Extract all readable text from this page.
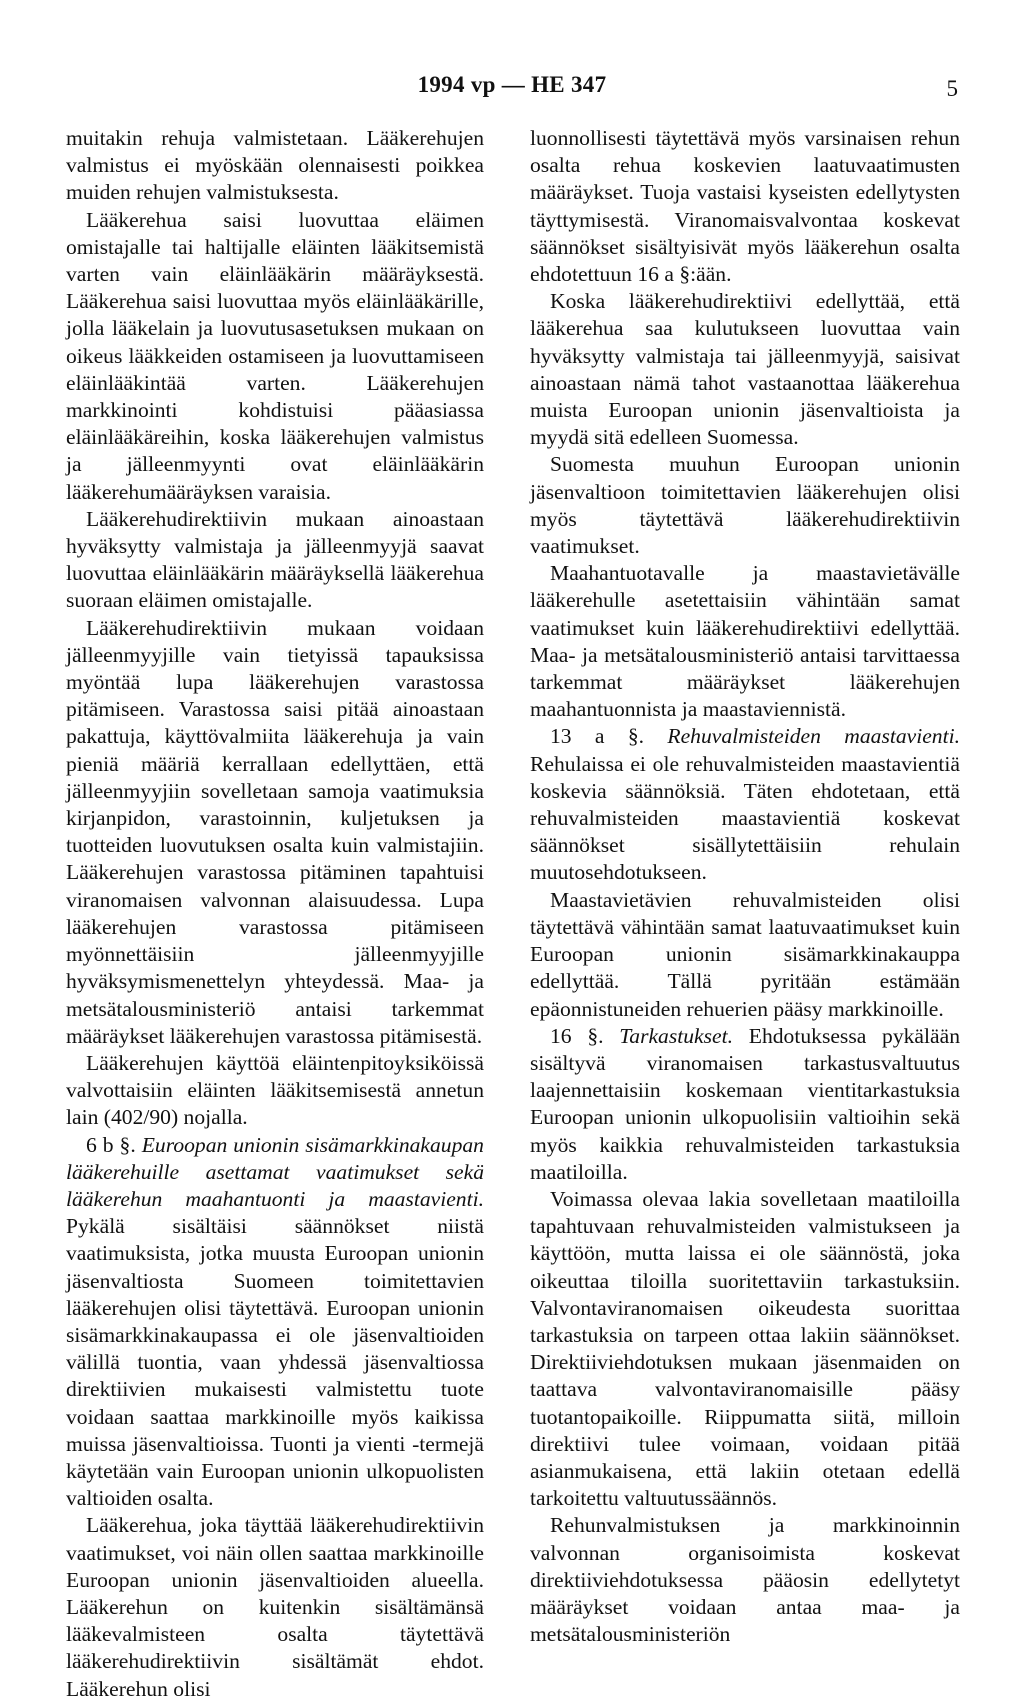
1994 vp — HE 347	5

muitakin rehuja valmistetaan. Lääkerehujen valmistus ei myöskään olennaisesti poikkea muiden rehujen valmistuksesta.

Lääkerehua saisi luovuttaa eläimen omistajalle tai haltijalle eläinten lääkitsemistä varten vain eläinlääkärin määräyksestä. Lääkerehua saisi luovuttaa myös eläinlääkärille, jolla lääkelain ja luovutusasetuksen mukaan on oikeus lääkkeiden ostamiseen ja luovuttamiseen eläinlääkintää varten. Lääkerehujen markkinointi kohdistuisi pääasiassa eläinlääkäreihin, koska lääkerehujen valmistus ja jälleenmyynti ovat eläinlääkärin lääkerehumääräyksen varaisia.

Lääkerehudirektiivin mukaan ainoastaan hyväksytty valmistaja ja jälleenmyyjä saavat luovuttaa eläinlääkärin määräyksellä lääkerehua suoraan eläimen omistajalle.

Lääkerehudirektiivin mukaan voidaan jälleenmyyjille vain tietyissä tapauksissa myöntää lupa lääkerehujen varastossa pitämiseen. Varastossa saisi pitää ainoastaan pakattuja, käyttövalmiita lääkerehuja ja vain pieniä määriä kerrallaan edellyttäen, että jälleenmyyjiin sovelletaan samoja vaatimuksia kirjanpidon, varastoinnin, kuljetuksen ja tuotteiden luovutuksen osalta kuin valmistajiin. Lääkerehujen varastossa pitäminen tapahtuisi viranomaisen valvonnan alaisuudessa. Lupa lääkerehujen varastossa pitämiseen myönnettäisiin jälleenmyyjille hyväksymismenettelyn yhteydessä. Maa- ja metsätalousministeriö antaisi tarkemmat määräykset lääkerehujen varastossa pitämisestä.

Lääkerehujen käyttöä eläintenpitoyksiköissä valvottaisiin eläinten lääkitsemisestä annetun lain (402/90) nojalla.

6 b §. Euroopan unionin sisämarkkinakaupan lääkerehuille asettamat vaatimukset sekä lääkerehun maahantuonti ja maastavienti. Pykälä sisältäisi säännökset niistä vaatimuksista, jotka muusta Euroopan unionin jäsenvaltiosta Suomeen toimitettavien lääkerehujen olisi täytettävä. Euroopan unionin sisämarkkinakaupassa ei ole jäsenvaltioiden välillä tuontia, vaan yhdessä jäsenvaltiossa direktiivien mukaisesti valmistettu tuote voidaan saattaa markkinoille myös kaikissa muissa jäsenvaltioissa. Tuonti ja vienti -termejä käytetään vain Euroopan unionin ulkopuolisten valtioiden osalta.

Lääkerehua, joka täyttää lääkerehudirektiivin vaatimukset, voi näin ollen saattaa markkinoille Euroopan unionin jäsenvaltioiden alueella. Lääkerehun on kuitenkin sisältämänsä lääkevalmisteen osalta täytettävä lääkerehudirektiivin sisältämät ehdot. Lääkerehun olisi

luonnollisesti täytettävä myös varsinaisen rehun osalta rehua koskevien laatuvaatimusten määräykset. Tuoja vastaisi kyseisten edellytysten täyttymisestä. Viranomaisvalvontaa koskevat säännökset sisältyisivät myös lääkerehun osalta ehdotettuun 16 a §:ään.

Koska lääkerehudirektiivi edellyttää, että lääkerehua saa kulutukseen luovuttaa vain hyväksytty valmistaja tai jälleenmyyjä, saisivat ainoastaan nämä tahot vastaanottaa lääkerehua muista Euroopan unionin jäsenvaltioista ja myydä sitä edelleen Suomessa.

Suomesta muuhun Euroopan unionin jäsenvaltioon toimitettavien lääkerehujen olisi myös täytettävä lääkerehudirektiivin vaatimukset.

Maahantuotavalle ja maastavietävälle lääkerehulle asetettaisiin vähintään samat vaatimukset kuin lääkerehudirektiivi edellyttää. Maa- ja metsätalousministeriö antaisi tarvittaessa tarkemmat määräykset lääkerehujen maahantuonnista ja maastaviennistä.

13 a §. Rehuvalmisteiden maastavienti. Rehulaissa ei ole rehuvalmisteiden maastavientiä koskevia säännöksiä. Täten ehdotetaan, että rehuvalmisteiden maastavientiä koskevat säännökset sisällytettäisiin rehulain muutosehdotukseen.

Maastavietävien rehuvalmisteiden olisi täytettävä vähintään samat laatuvaatimukset kuin Euroopan unionin sisämarkkinakauppa edellyttää. Tällä pyritään estämään epäonnistuneiden rehuerien pääsy markkinoille.

16 §. Tarkastukset. Ehdotuksessa pykälään sisältyvä viranomaisen tarkastusvaltuutus laajennettaisiin koskemaan vientitarkastuksia Euroopan unionin ulkopuolisiin valtioihin sekä myös kaikkia rehuvalmisteiden tarkastuksia maatiloilla.

Voimassa olevaa lakia sovelletaan maatiloilla tapahtuvaan rehuvalmisteiden valmistukseen ja käyttöön, mutta laissa ei ole säännöstä, joka oikeuttaa tiloilla suoritettaviin tarkastuksiin. Valvontaviranomaisen oikeudesta suorittaa tarkastuksia on tarpeen ottaa lakiin säännökset. Direktiiviehdotuksen mukaan jäsenmaiden on taattava valvontaviranomaisille pääsy tuotantopaikoille. Riippumatta siitä, milloin direktiivi tulee voimaan, voidaan pitää asianmukaisena, että lakiin otetaan edellä tarkoitettu valtuutussäännös.

Rehunvalmistuksen ja markkinoinnin valvonnan organisoimista koskevat direktiiviehdotuksessa pääosin edellytetyt määräykset voidaan antaa maa- ja metsätalousministeriön
